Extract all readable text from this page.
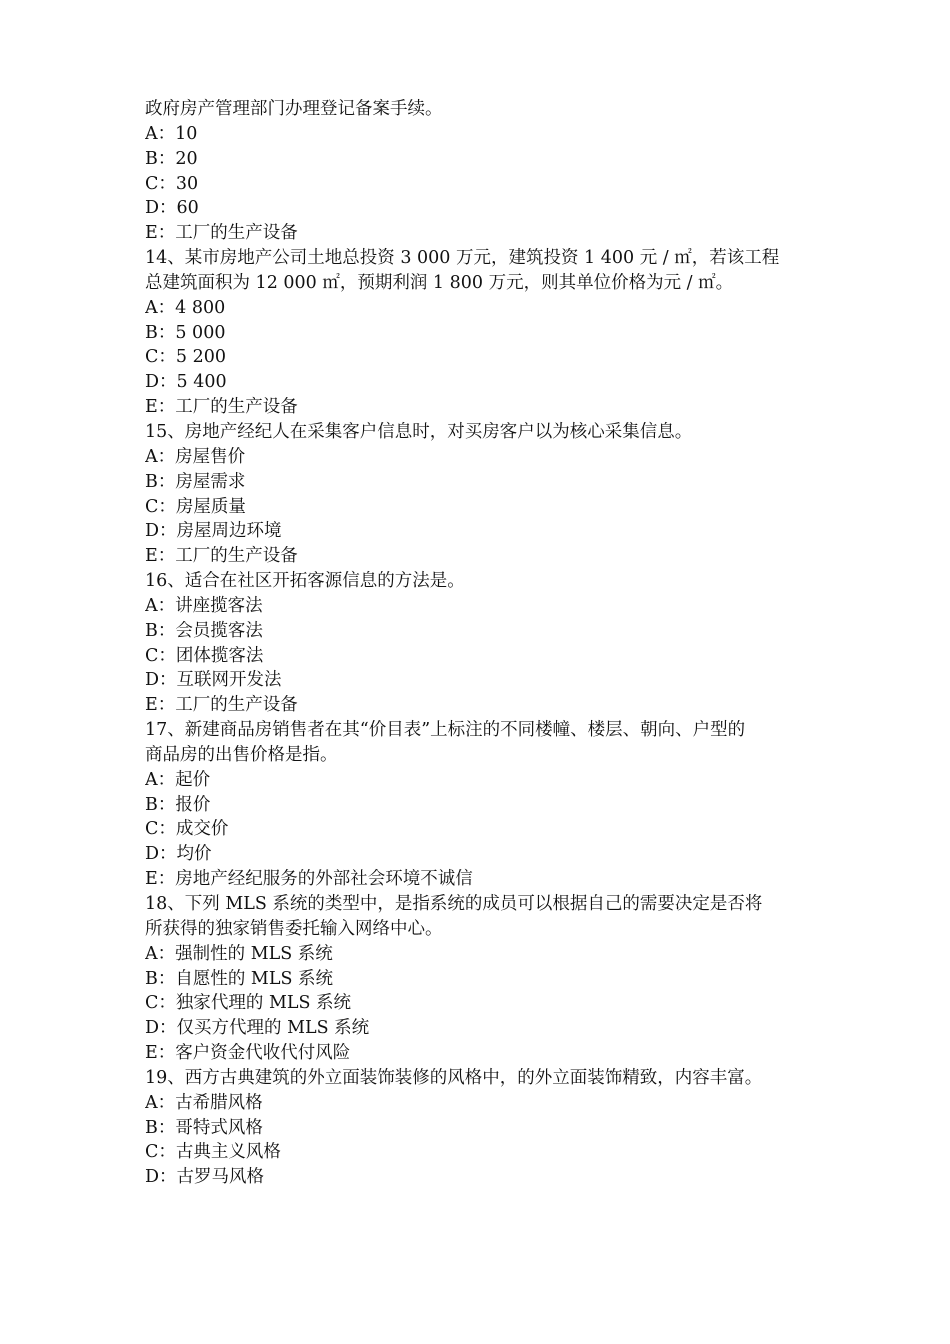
政府房产管理部门办理登记备案手续。
A：10
B：20
C：30
D：60
E：工厂的生产设备
14、某市房地产公司土地总投资 3 000 万元，建筑投资 1 400 元 / ㎡，若该工程
总建筑面积为 12 000 ㎡，预期利润 1 800 万元，则其单位价格为元 / ㎡。
A：4 800
B：5 000
C：5 200
D：5 400
E：工厂的生产设备
15、房地产经纪人在采集客户信息时，对买房客户以为核心采集信息。
A：房屋售价
B：房屋需求
C：房屋质量
D：房屋周边环境
E：工厂的生产设备
16、适合在社区开拓客源信息的方法是。
A：讲座揽客法
B：会员揽客法
C：团体揽客法
D：互联网开发法
E：工厂的生产设备
17、新建商品房销售者在其“价目表”上标注的不同楼幢、楼层、朝向、户型的
商品房的出售价格是指。
A：起价
B：报价
C：成交价
D：均价
E：房地产经纪服务的外部社会环境不诚信
18、下列 MLS 系统的类型中，是指系统的成员可以根据自己的需要决定是否将
所获得的独家销售委托输入网络中心。
A：强制性的 MLS 系统
B：自愿性的 MLS 系统
C：独家代理的 MLS 系统
D：仅买方代理的 MLS 系统
E：客户资金代收代付风险
19、西方古典建筑的外立面装饰装修的风格中，的外立面装饰精致，内容丰富。
A：古希腊风格
B：哥特式风格
C：古典主义风格
D：古罗马风格
